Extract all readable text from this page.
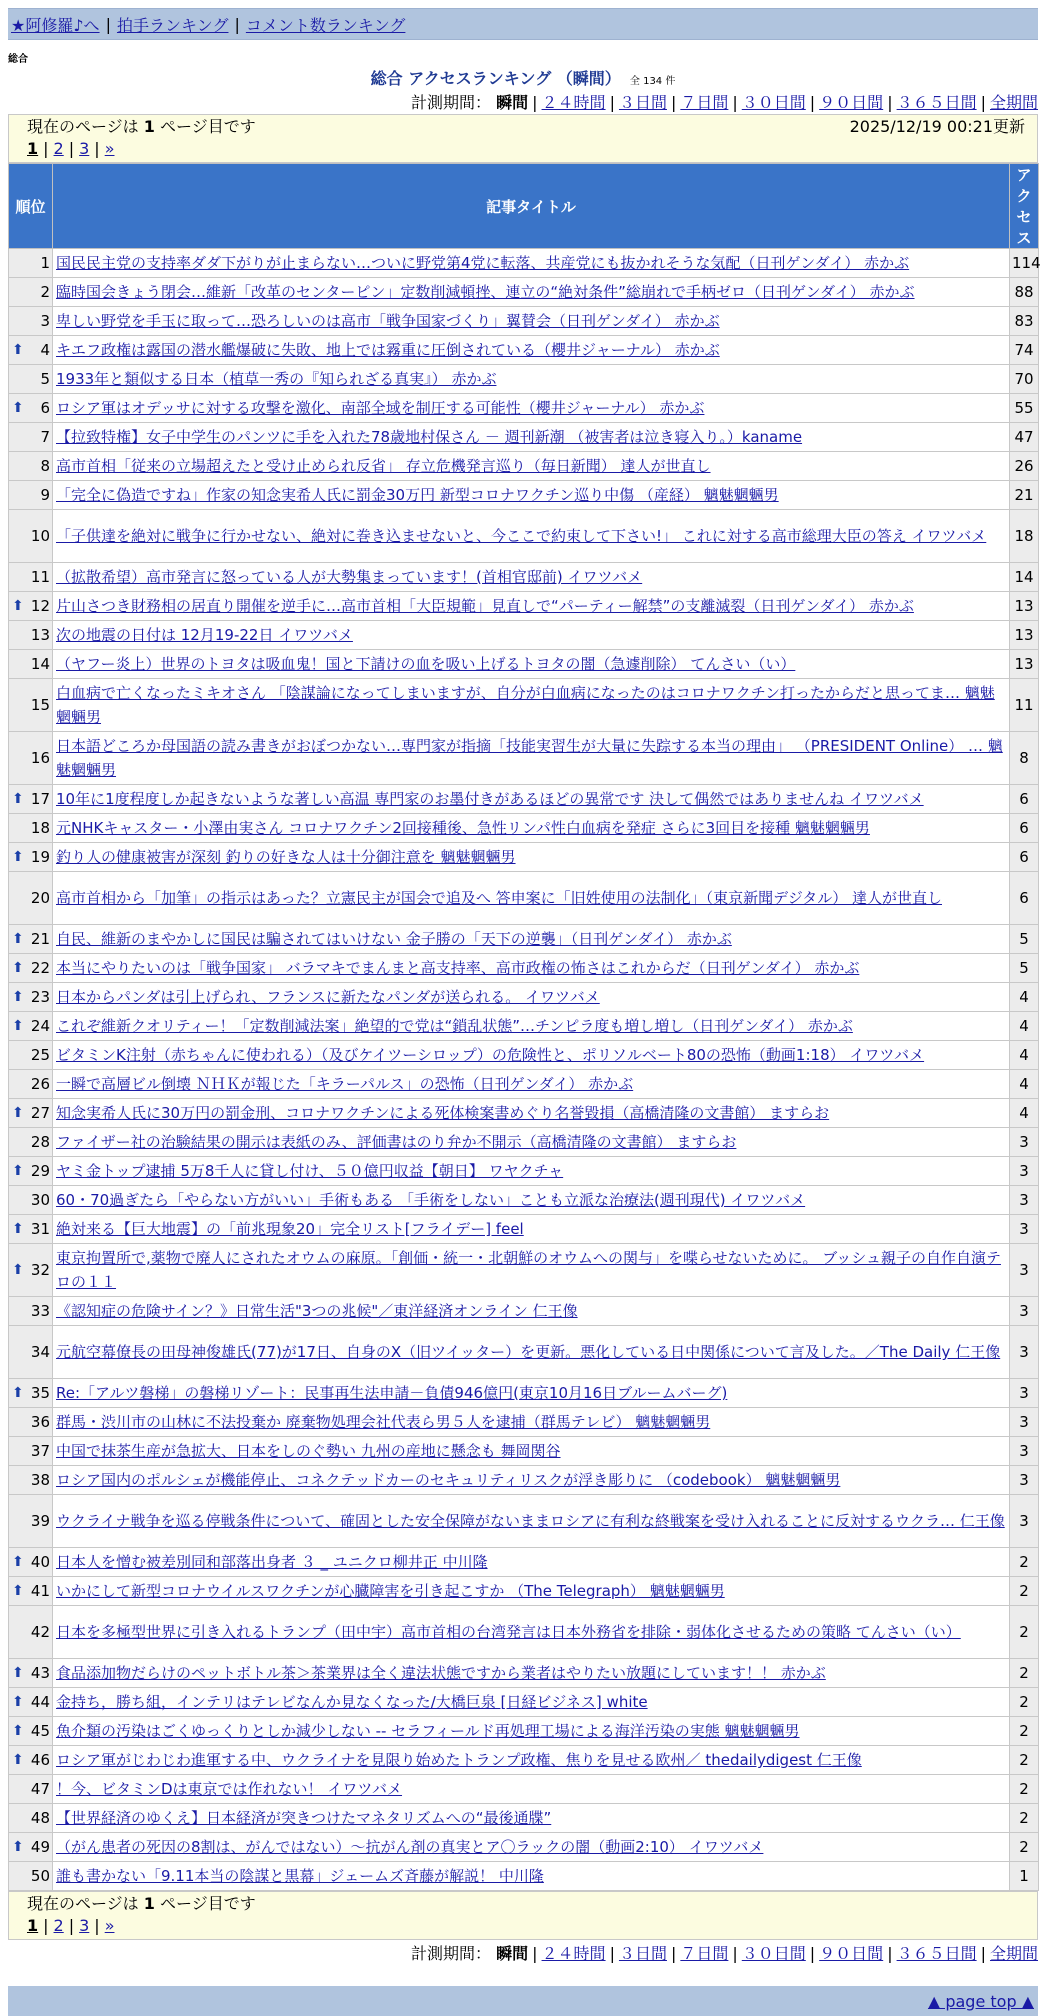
★阿修羅♪へ | 拍手ランキング | コメント数ランキング
総合
総合 アクセスランキング （瞬間） 全 134 件
計測期間： 瞬間 | ２４時間 | ３日間 | ７日間 | ３０日間 | ９０日間 | ３６５日間 | 全期間
現在のページは 1 ページ目です	2025/12/19 00:21更新
1 | 2 | 3 | »
順位	記事タイトル	アクセス
1	国民民主党の支持率ダダ下がりが止まらない…ついに野党第4党に転落、共産党にも抜かれそうな気配（日刊ゲンダイ） 赤かぶ	114
2	臨時国会きょう閉会…維新「改革のセンターピン」定数削減頓挫、連立の“絶対条件”総崩れで手柄ゼロ（日刊ゲンダイ） 赤かぶ	88
3	卑しい野党を手玉に取って…恐ろしいのは高市「戦争国家づくり」翼賛会（日刊ゲンダイ） 赤かぶ	83

⬆ 4	キエフ政権は露国の潜水艦爆破に失敗、地上では霧重に圧倒されている（櫻井ジャーナル） 赤かぶ	74
5	1933年と類似する日本（植草一秀の『知られざる真実』） 赤かぶ	70

⬆ 6	ロシア軍はオデッサに対する攻撃を激化、南部全域を制圧する可能性（櫻井ジャーナル） 赤かぶ	55
7	【拉致特権】女子中学生のパンツに手を入れた78歳地村保さん － 週刊新潮 （被害者は泣き寝入り。）kaname	47
8	高市首相「従来の立場超えたと受け止められ反省」 存立危機発言巡り（毎日新聞） 達人が世直し	26
9	「完全に偽造ですね」作家の知念実希人氏に罰金30万円 新型コロナワクチン巡り中傷 （産経） 魑魅魍魎男	21
10	「子供達を絶対に戦争に行かせない、絶対に巻き込ませないと、今ここで約束して下さい!」 これに対する高市総理大臣の答え イワツバメ	18
11	（拡散希望）高市発言に怒っている人が大勢集まっています！(首相官邸前) イワツバメ	14

⬆ 12	片山さつき財務相の居直り開催を逆手に…高市首相「大臣規範」見直しで“パーティー解禁”の支離滅裂（日刊ゲンダイ） 赤かぶ	13
13	次の地震の日付は 12月19-22日 イワツバメ	13
14	（ヤフー炎上）世界のトヨタは吸血鬼！国と下請けの血を吸い上げるトヨタの闇（急遽削除） てんさい（い）	13
15	白血病で亡くなったミキオさん 「陰謀論になってしまいますが、自分が白血病になったのはコロナワクチン打ったからだと思ってま… 魑魅魍魎男	11
16	日本語どころか母国語の読み書きがおぼつかない…専門家が指摘「技能実習生が大量に失踪する本当の理由」 （PRESIDENT Online） … 魑魅魍魎男	8

⬆ 17	10年に1度程度しか起きないような著しい高温 専門家のお墨付きがあるほどの異常です 決して偶然ではありませんね イワツバメ	6
18	元NHKキャスター・小澤由実さん コロナワクチン2回接種後、急性リンパ性白血病を発症 さらに3回目を接種 魑魅魍魎男	6

⬆ 19	釣り人の健康被害が深刻 釣りの好きな人は十分御注意を 魑魅魍魎男	6
20	高市首相から「加筆」の指示はあった？立憲民主が国会で追及へ 答申案に「旧姓使用の法制化」（東京新聞デジタル） 達人が世直し	6

⬆ 21	自民、維新のまやかしに国民は騙されてはいけない 金子勝の「天下の逆襲」（日刊ゲンダイ） 赤かぶ	5

⬆ 22	本当にやりたいのは「戦争国家」 バラマキでまんまと高支持率、高市政権の怖さはこれからだ（日刊ゲンダイ） 赤かぶ	5

⬆ 23	日本からパンダは引上げられ、フランスに新たなパンダが送られる。 イワツバメ	4

⬆ 24	これぞ維新クオリティー！「定数削減法案」絶望的で党は“鎖乱状態”…チンピラ度も増し増し（日刊ゲンダイ） 赤かぶ	4
25	ビタミンK注射（赤ちゃんに使われる）（及びケイツーシロップ）の危険性と、ポリソルベート80の恐怖（動画1:18） イワツバメ	4
26	一瞬で高層ビル倒壊 ＮＨＫが報じた「キラーパルス」の恐怖（日刊ゲンダイ） 赤かぶ	4

⬆ 27	知念実希人氏に30万円の罰金刑、コロナワクチンによる死体検案書めぐり名誉毀損（高橋清隆の文書館） ますらお	4
28	ファイザー社の治験結果の開示は表紙のみ、評価書はのり弁か不開示（高橋清隆の文書館） ますらお	3

⬆ 29	ヤミ金トップ逮捕 5万8千人に貸し付け、５０億円収益【朝日】 ワヤクチャ	3
30	60・70過ぎたら「やらない方がいい」手術もある 「手術をしない」ことも立派な治療法(週刊現代) イワツバメ	3

⬆ 31	絶対来る【巨大地震】の「前兆現象20」完全リスト[フライデー] feel	3

⬆ 32	東京拘置所で,薬物で廃人にされたオウムの麻原。「創価・統一・北朝鮮のオウムへの関与」を喋らせないために。 ブッシュ親子の自作自演テロの１１	3
33	《認知症の危険サイン？》日常生活"3つの兆候"／東洋経済オンライン 仁王像	3
34	元航空幕僚長の田母神俊雄氏(77)が17日、自身のX（旧ツイッター）を更新。悪化している日中関係について言及した。／The Daily 仁王像	3

⬆ 35	Re:「アルツ磐梯」の磐梯リゾート：民事再生法申請－負債946億円(東京10月16日ブルームバーグ)	3
36	群馬・渋川市の山林に不法投棄か 廃棄物処理会社代表ら男５人を逮捕（群馬テレビ） 魑魅魍魎男	3
37	中国で抹茶生産が急拡大、日本をしのぐ勢い 九州の産地に懸念も 舞岡関谷	3
38	ロシア国内のポルシェが機能停止、コネクテッドカーのセキュリティリスクが浮き彫りに （codebook） 魑魅魍魎男	3
39	ウクライナ戦争を巡る停戦条件について、確固とした安全保障がないままロシアに有利な終戦案を受け入れることに反対するウクラ… 仁王像	3

⬆ 40	日本人を憎む被差別同和部落出身者 ３ _ ユニクロ柳井正 中川隆	2

⬆ 41	いかにして新型コロナウイルスワクチンが心臓障害を引き起こすか （The Telegraph） 魑魅魍魎男	2
42	日本を多極型世界に引き入れるトランプ（田中宇）高市首相の台湾発言は日本外務省を排除・弱体化させるための策略 てんさい（い）	2

⬆ 43	食品添加物だらけのペットボトル茶＞茶業界は全く違法状態ですから業者はやりたい放題にしています！！ 赤かぶ	2

⬆ 44	金持ち，勝ち組，インテリはテレビなんか見なくなった/大橋巨泉 [日経ビジネス] white	2

⬆ 45	魚介類の汚染はごくゆっくりとしか減少しない -- セラフィールド再処理工場による海洋汚染の実態 魑魅魍魎男	2

⬆ 46	ロシア軍がじわじわ進軍する中、ウクライナを見限り始めたトランプ政権、焦りを見せる欧州／ thedailydigest 仁王像	2
47	！今、ビタミンDは東京では作れない！ イワツバメ	2
48	【世界経済のゆくえ】日本経済が突きつけたマネタリズムへの“最後通牒”	2

⬆ 49	（がん患者の死因の8割は、がんではない）～抗がん剤の真実とア〇ラックの闇（動画2:10） イワツバメ	2
50	誰も書かない「9.11本当の陰謀と黒幕」ジェームズ斉藤が解説！ 中川隆	1
現在のページは 1 ページ目です
1 | 2 | 3 | »
計測期間： 瞬間 | ２４時間 | ３日間 | ７日間 | ３０日間 | ９０日間 | ３６５日間 | 全期間
▲ page top ▲
